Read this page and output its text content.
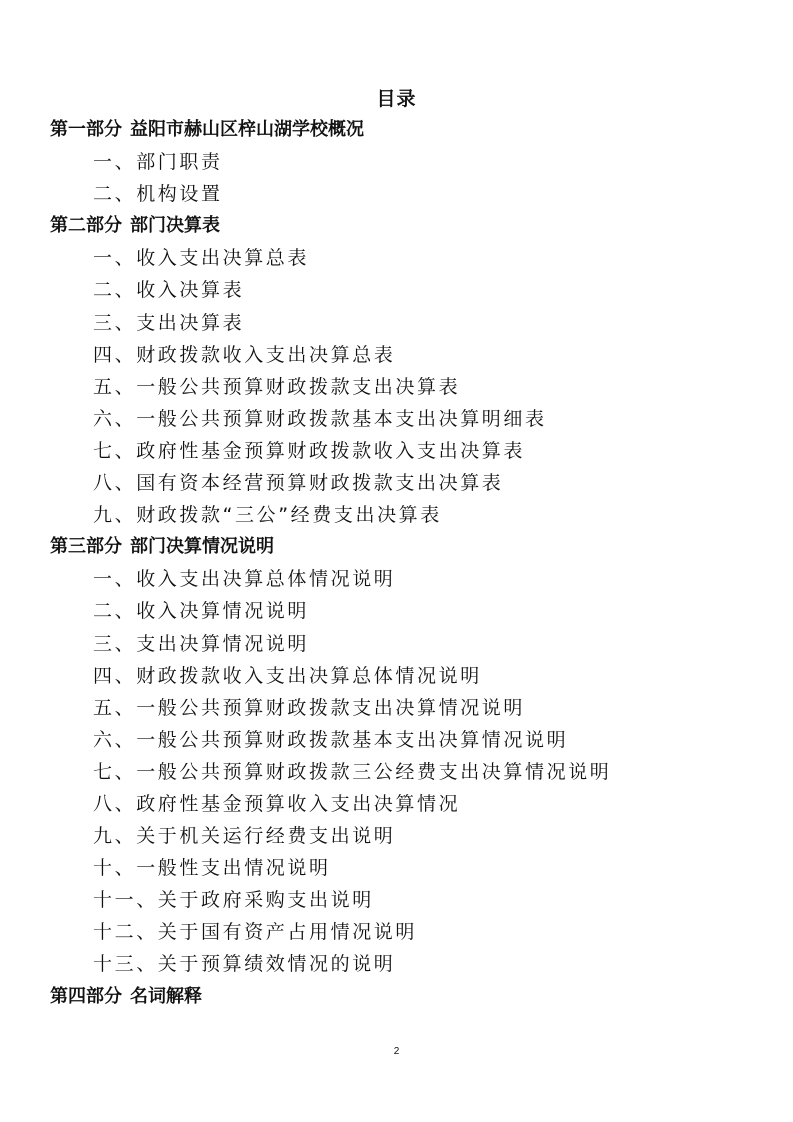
目录
第一部分 益阳市赫山区梓山湖学校概况
一、部门职责
二、机构设置
第二部分 部门决算表
一、收入支出决算总表
二、收入决算表
三、支出决算表
四、财政拨款收入支出决算总表
五、一般公共预算财政拨款支出决算表
六、一般公共预算财政拨款基本支出决算明细表
七、政府性基金预算财政拨款收入支出决算表
八、国有资本经营预算财政拨款支出决算表
九、财政拨款“三公”经费支出决算表
第三部分 部门决算情况说明
一、收入支出决算总体情况说明
二、收入决算情况说明
三、支出决算情况说明
四、财政拨款收入支出决算总体情况说明
五、一般公共预算财政拨款支出决算情况说明
六、一般公共预算财政拨款基本支出决算情况说明
七、一般公共预算财政拨款三公经费支出决算情况说明
八、政府性基金预算收入支出决算情况
九、关于机关运行经费支出说明
十、一般性支出情况说明
十一、关于政府采购支出说明
十二、关于国有资产占用情况说明
十三、关于预算绩效情况的说明
第四部分 名词解释
2
